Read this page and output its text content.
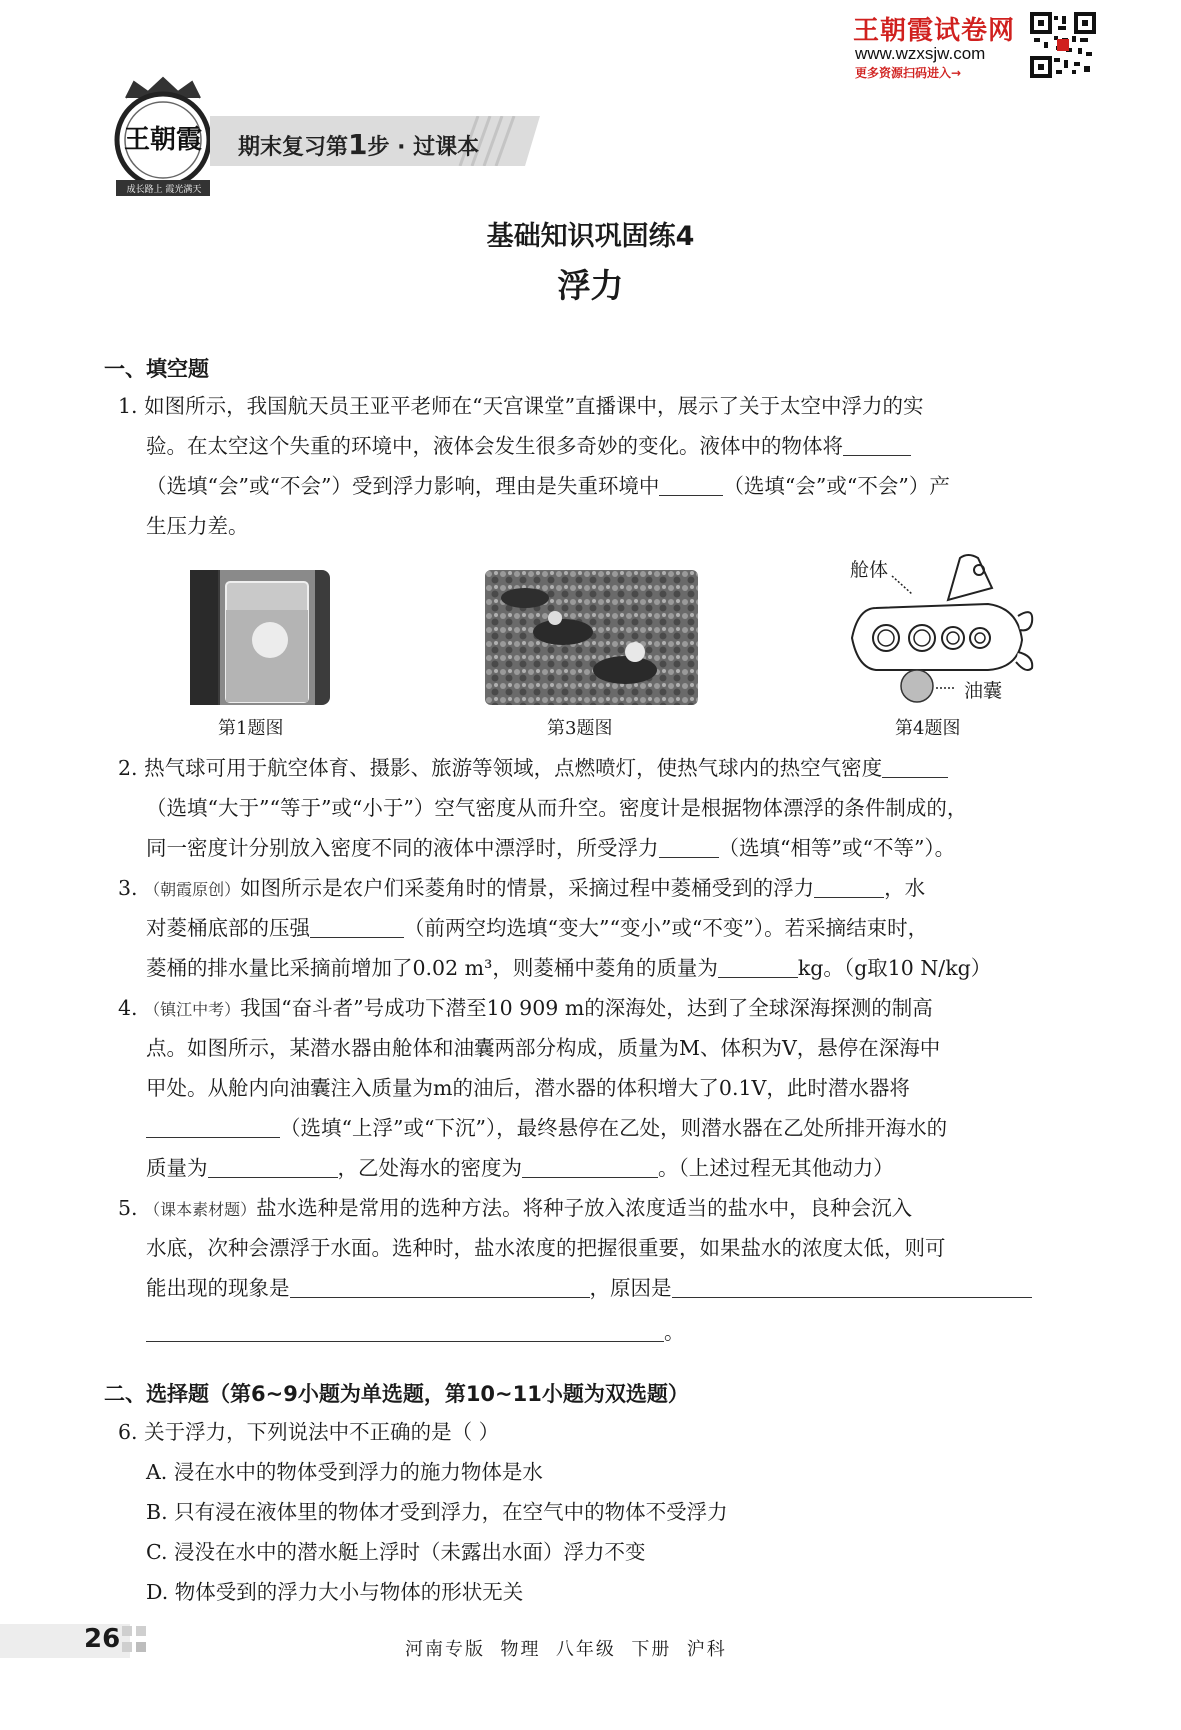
王朝霞试卷网
www.wzxsjw.com
更多资源扫码进入→
王朝霞
成长路上 霞光满天
期末复习第1步 · 过课本
基础知识巩固练4
浮力
一、填空题
1. 如图所示，我国航天员王亚平老师在“天宫课堂”直播课中，展示了关于太空中浮力的实
验。在太空这个失重的环境中，液体会发生很多奇妙的变化。液体中的物体将
（选填“会”或“不会”）受到浮力影响，理由是失重环境中	（选填“会”或“不会”）产
生压力差。
舱体
油囊
第1题图	第3题图	第4题图
2. 热气球可用于航空体育、摄影、旅游等领域，点燃喷灯，使热气球内的热空气密度
（选填“大于”“等于”或“小于”）空气密度从而升空。密度计是根据物体漂浮的条件制成的，
同一密度计分别放入密度不同的液体中漂浮时，所受浮力	（选填“相等”或“不等”）。
3. （朝霞原创）如图所示是农户们采菱角时的情景，采摘过程中菱桶受到的浮力	，水
对菱桶底部的压强	（前两空均选填“变大”“变小”或“不变”）。若采摘结束时，
菱桶的排水量比采摘前增加了0.02 m³，则菱桶中菱角的质量为	kg。（g取10 N/kg）
4. （镇江中考）我国“奋斗者”号成功下潜至10 909 m的深海处，达到了全球深海探测的制高
点。如图所示，某潜水器由舱体和油囊两部分构成，质量为M、体积为V，悬停在深海中
甲处。从舱内向油囊注入质量为m的油后，潜水器的体积增大了0.1V，此时潜水器将
（选填“上浮”或“下沉”），最终悬停在乙处，则潜水器在乙处所排开海水的
质量为	，乙处海水的密度为	。（上述过程无其他动力）
5. （课本素材题）盐水选种是常用的选种方法。将种子放入浓度适当的盐水中，良种会沉入
水底，次种会漂浮于水面。选种时，盐水浓度的把握很重要，如果盐水的浓度太低，则可
能出现的现象是	，原因是
。
二、选择题（第6~9小题为单选题，第10~11小题为双选题）
6. 关于浮力，下列说法中不正确的是（ ）
A. 浸在水中的物体受到浮力的施力物体是水
B. 只有浸在液体里的物体才受到浮力，在空气中的物体不受浮力
C. 浸没在水中的潜水艇上浮时（未露出水面）浮力不变
D. 物体受到的浮力大小与物体的形状无关
26	河南专版  物理  八年级  下册  沪科
